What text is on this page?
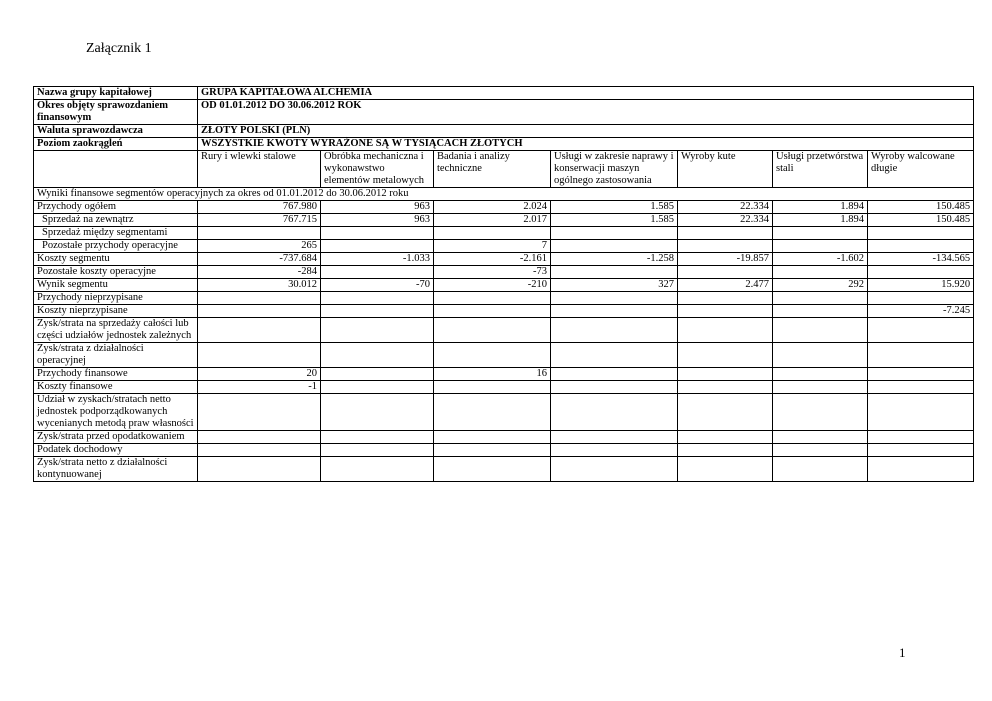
Załącznik 1
Nazwa grupy kapitałowej	GRUPA KAPITAŁOWA ALCHEMIA						
Okres objęty sprawozdaniem finansowym	OD 01.01.2012 DO 30.06.2012 ROK						
Waluta sprawozdawcza	ZŁOTY POLSKI (PLN)						
Poziom zaokrągleń	WSZYSTKIE KWOTY WYRAŻONE SĄ W TYSIĄCACH ZŁOTYCH						
	Rury i wlewki stalowe	Obróbka mechaniczna i wykonawstwo elementów metalowych	Badania i analizy techniczne	Usługi w zakresie naprawy i konserwacji maszyn ogólnego zastosowania	Wyroby kute	Usługi przetwórstwa stali	Wyroby walcowane długie
Wyniki finansowe segmentów operacyjnych za okres od 01.01.2012 do 30.06.2012 roku							
Przychody ogółem	767.980	963	2.024	1.585	22.334	1.894	150.485
Sprzedaż na zewnątrz	767.715	963	2.017	1.585	22.334	1.894	150.485
Sprzedaż między segmentami							
Pozostałe przychody operacyjne	265		7				
Koszty segmentu	-737.684	-1.033	-2.161	-1.258	-19.857	-1.602	-134.565
Pozostałe koszty operacyjne	-284		-73				
Wynik segmentu	30.012	-70	-210	327	2.477	292	15.920
Przychody nieprzypisane							
Koszty nieprzypisane							-7.245
Zysk/strata na sprzedaży całości lub części udziałów jednostek zależnych							
Zysk/strata z działalności operacyjnej							
Przychody finansowe	20		16				
Koszty finansowe	-1						
Udział w zyskach/stratach netto jednostek podporządkowanych wycenianych metodą praw własności							
Zysk/strata przed opodatkowaniem							
Podatek dochodowy							
Zysk/strata netto z działalności kontynuowanej							
1
